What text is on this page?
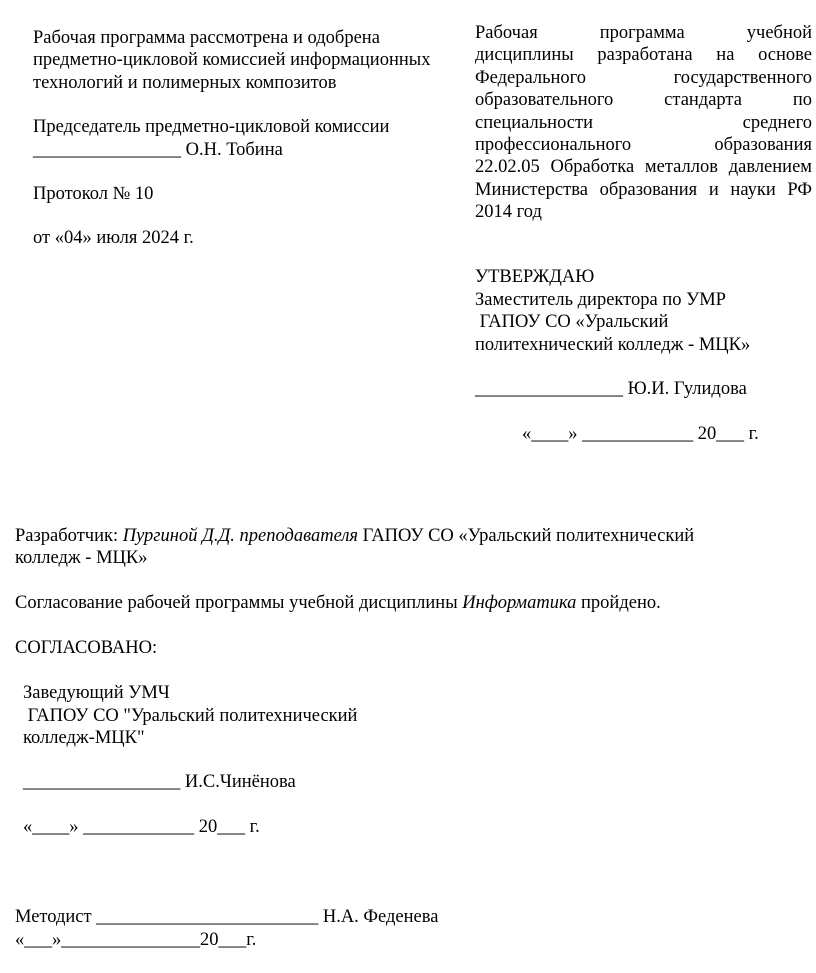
Рабочая программа рассмотрена и одобрена
предметно-цикловой комиссией информационных
технологий и полимерных композитов
Председатель предметно-цикловой комиссии
________________ О.Н. Тобина
Протокол № 10
от «04» июля 2024 г.
Рабочая программа учебной
дисциплины разработана на основе
Федерального государственного
образовательного стандарта по
специальности среднего
профессионального образования
22.02.05 Обработка металлов давлением
Министерства образования и науки РФ
2014 год
УТВЕРЖДАЮ
Заместитель директора по УМР
ГАПОУ СО «Уральский
политехнический колледж - МЦК»
________________ Ю.И. Гулидова
«____» ____________ 20___ г.
Разработчик: Пургиной Д.Д. преподавателя ГАПОУ СО «Уральский политехнический
колледж - МЦК»
Согласование рабочей программы учебной дисциплины Информатика пройдено.
СОГЛАСОВАНО:
Заведующий УМЧ
ГАПОУ СО "Уральский политехнический
колледж-МЦК"
_________________ И.С.Чинёнова
«____» ____________ 20___ г.
Методист ________________________ Н.А. Феденева
«___»_______________20___г.
